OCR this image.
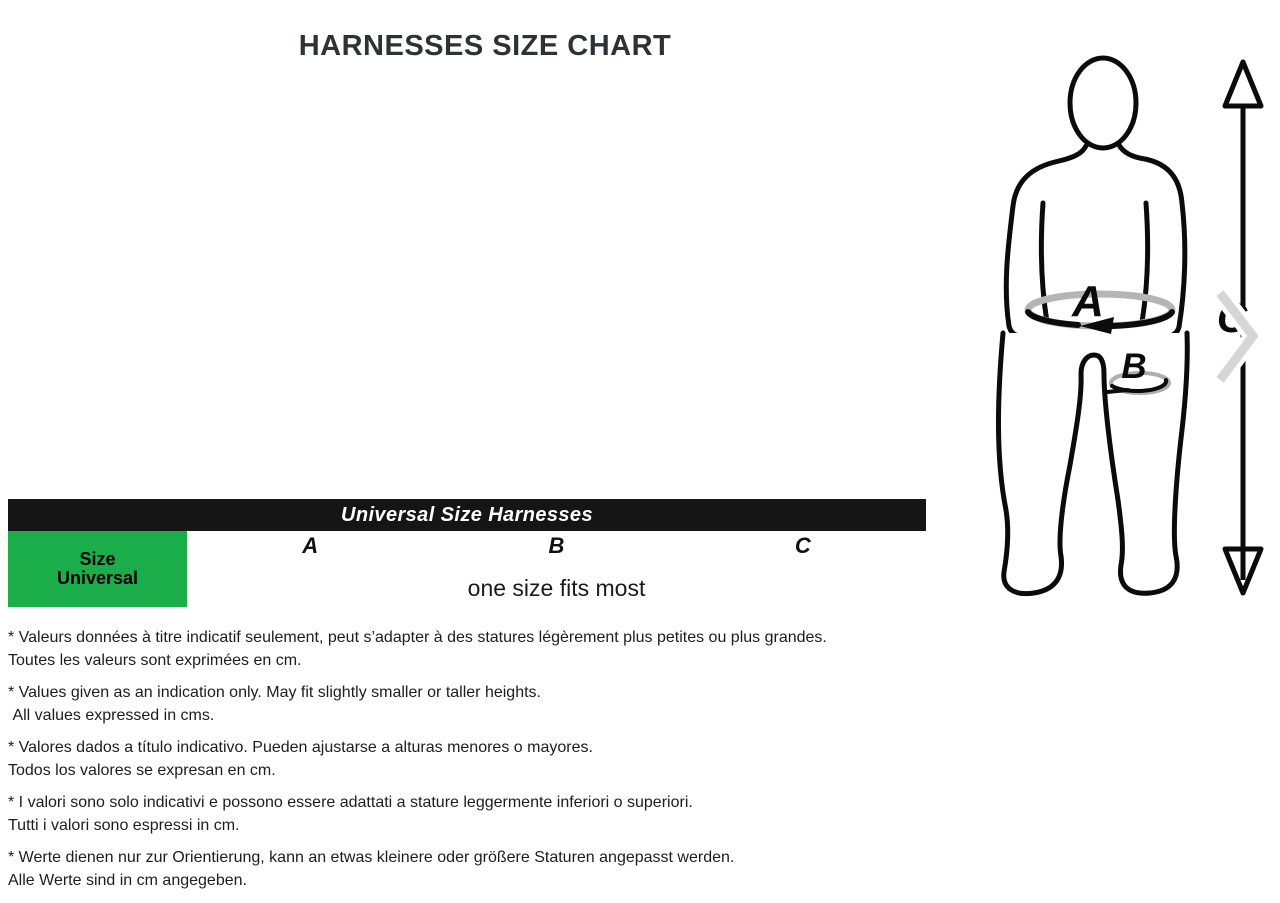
HARNESSES SIZE CHART
Universal Size Harnesses
Size
Universal
A	B	C
one size fits most
* Valeurs données à titre indicatif seulement, peut s’adapter à des statures légèrement plus petites ou plus grandes.
Toutes les valeurs sont exprimées en cm.
* Values given as an indication only. May fit slightly smaller or taller heights.
All values expressed in cms.
* Valores dados a título indicativo. Pueden ajustarse a alturas menores o mayores.
Todos los valores se expresan en cm.
* I valori sono solo indicativi e possono essere adattati a stature leggermente inferiori o superiori.
Tutti i valori sono espressi in cm.
* Werte dienen nur zur Orientierung, kann an etwas kleinere oder größere Staturen angepasst werden.
Alle Werte sind in cm angegeben.
A
B
C
